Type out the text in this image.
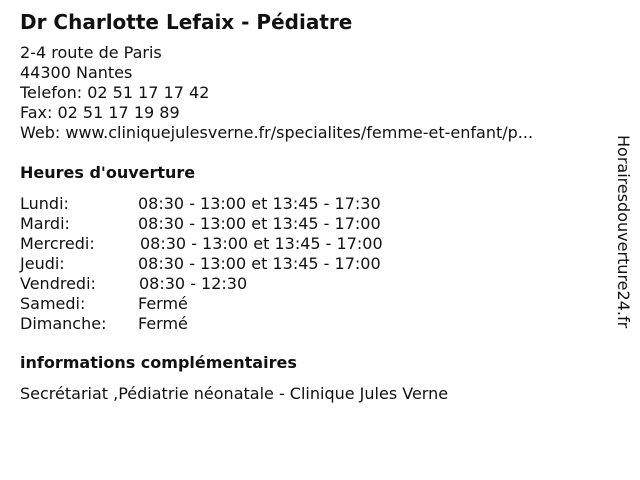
Dr Charlotte Lefaix - Pédiatre
2-4 route de Paris
44300 Nantes
Telefon: 02 51 17 17 42
Fax: 02 51 17 19 89
Web: www.cliniquejulesverne.fr/specialites/femme-et-enfant/p...
Heures d'ouverture
Lundi:	08:30 - 13:00 et 13:45 - 17:30
Mardi:	08:30 - 13:00 et 13:45 - 17:00
Mercredi:	08:30 - 13:00 et 13:45 - 17:00
Jeudi:	08:30 - 13:00 et 13:45 - 17:00
Vendredi:	08:30 - 12:30
Samedi:	Fermé
Dimanche: Fermé
informations complémentaires
Secrétariat ,Pédiatrie néonatale - Clinique Jules Verne
Horairesdouverture24.fr
